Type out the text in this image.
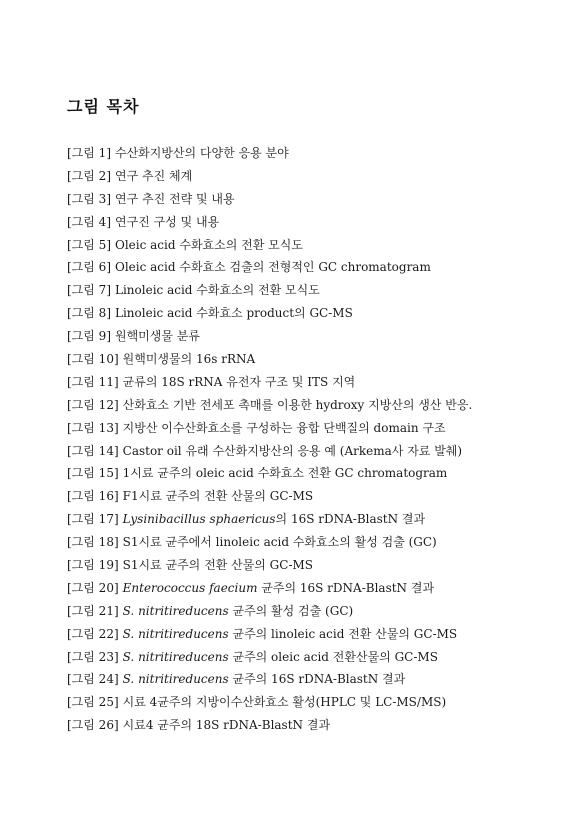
그림 목차
[그림 1] 수산화지방산의 다양한 응용 분야
[그림 2] 연구 추진 체계
[그림 3] 연구 추진 전략 및 내용
[그림 4] 연구진 구성 및 내용
[그림 5] Oleic acid 수화효소의 전환 모식도
[그림 6] Oleic acid 수화효소 검출의 전형적인 GC chromatogram
[그림 7] Linoleic acid 수화효소의 전환 모식도
[그림 8] Linoleic acid 수화효소 product의 GC-MS
[그림 9] 원핵미생물 분류
[그림 10] 원핵미생물의 16s rRNA
[그림 11] 균류의 18S rRNA 유전자 구조 및 ITS 지역
[그림 12] 산화효소 기반 전세포 촉매를 이용한 hydroxy 지방산의 생산 반응.
[그림 13] 지방산 이수산화효소를 구성하는 융합 단백질의 domain 구조
[그림 14] Castor oil 유래 수산화지방산의 응용 예 (Arkema사 자료 발췌)
[그림 15] 1시료 균주의 oleic acid 수화효소 전환 GC chromatogram
[그림 16] F1시료 균주의 전환 산물의 GC-MS
[그림 17] Lysinibacillus sphaericus의 16S rDNA-BlastN 결과
[그림 18] S1시료 균주에서 linoleic acid 수화효소의 활성 검출 (GC)
[그림 19] S1시료 균주의 전환 산물의 GC-MS
[그림 20] Enterococcus faecium 균주의 16S rDNA-BlastN 결과
[그림 21] S. nitritireducens 균주의 활성 검출 (GC)
[그림 22] S. nitritireducens 균주의 linoleic acid 전환 산물의 GC-MS
[그림 23] S. nitritireducens 균주의 oleic acid 전환산물의 GC-MS
[그림 24] S. nitritireducens 균주의 16S rDNA-BlastN 결과
[그림 25] 시료 4균주의 지방이수산화효소 활성(HPLC 및 LC-MS/MS)
[그림 26] 시료4 균주의 18S rDNA-BlastN 결과
